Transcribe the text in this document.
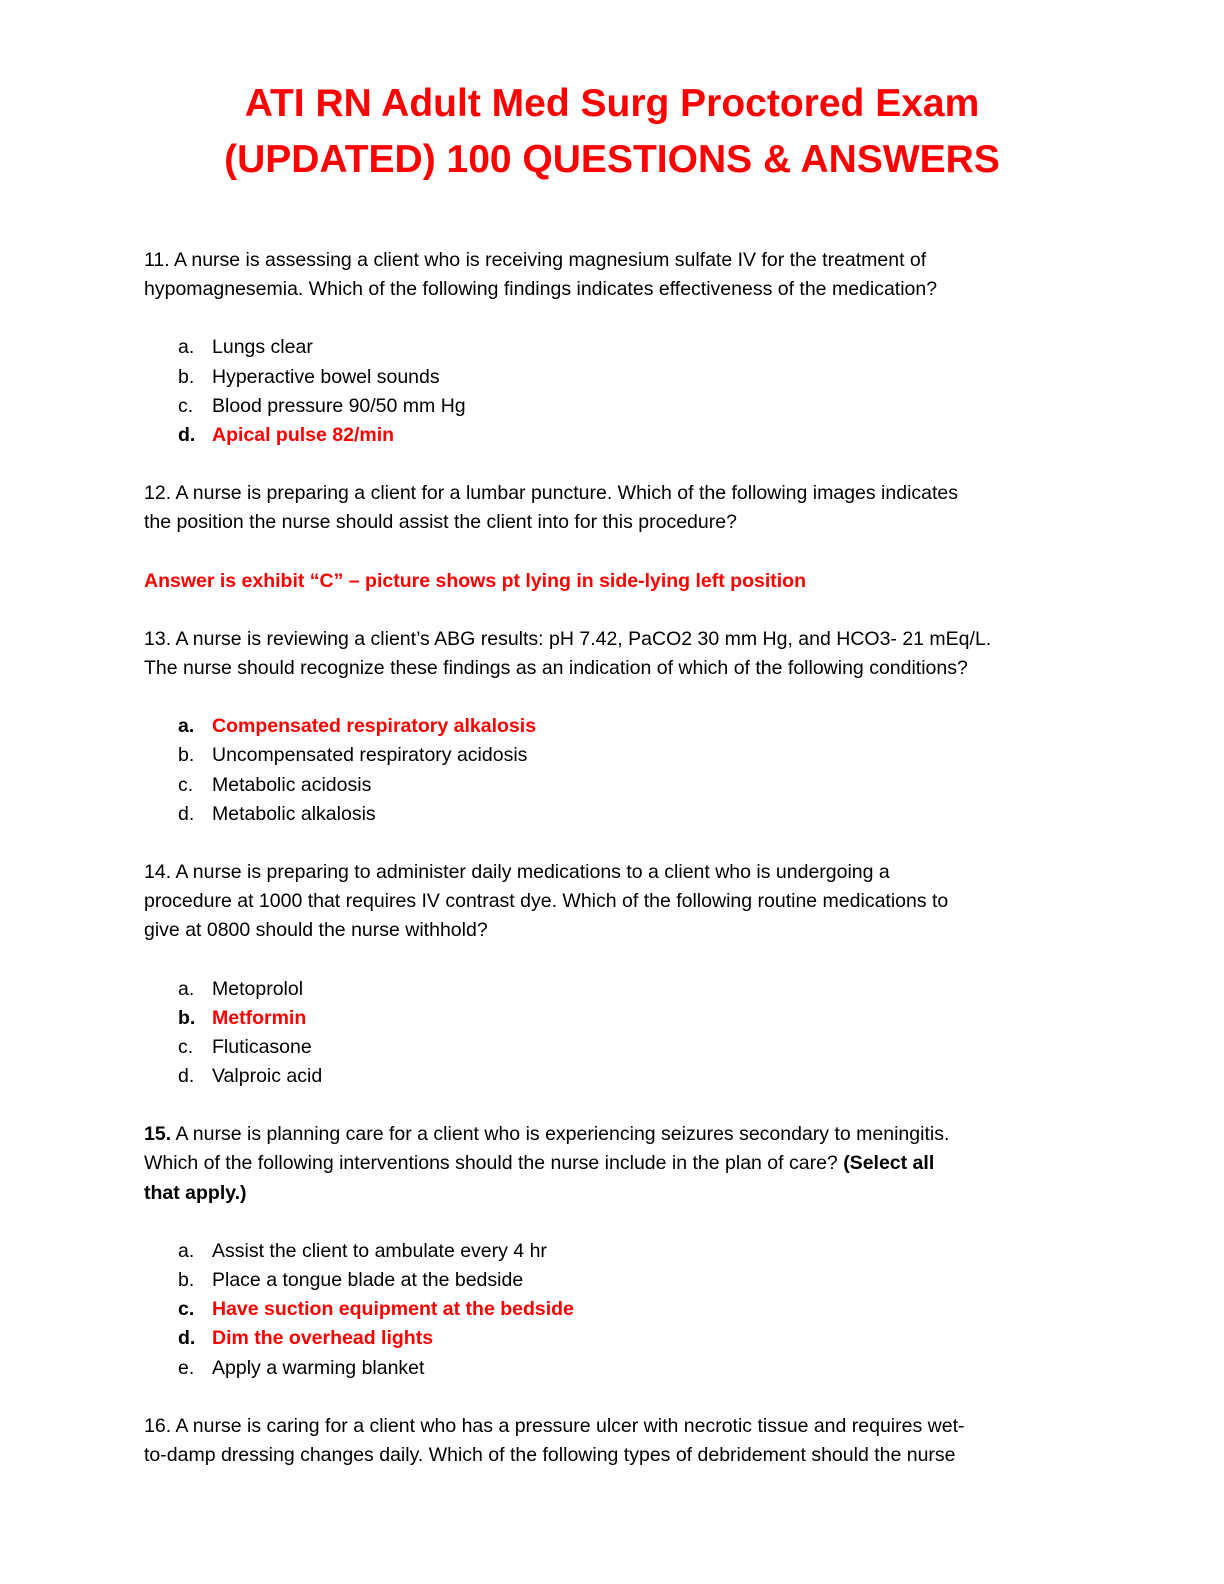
ATI RN Adult Med Surg Proctored Exam
(UPDATED) 100 QUESTIONS & ANSWERS
11. A nurse is assessing a client who is receiving magnesium sulfate IV for the treatment of
hypomagnesemia. Which of the following findings indicates effectiveness of the medication?
a. Lungs clear
b. Hyperactive bowel sounds
c. Blood pressure 90/50 mm Hg
d. Apical pulse 82/min
12. A nurse is preparing a client for a lumbar puncture. Which of the following images indicates
the position the nurse should assist the client into for this procedure?
Answer is exhibit “C” – picture shows pt lying in side-lying left position
13. A nurse is reviewing a client’s ABG results: pH 7.42, PaCO2 30 mm Hg, and HCO3- 21 mEq/L.
The nurse should recognize these findings as an indication of which of the following conditions?
a. Compensated respiratory alkalosis
b. Uncompensated respiratory acidosis
c. Metabolic acidosis
d. Metabolic alkalosis
14. A nurse is preparing to administer daily medications to a client who is undergoing a
procedure at 1000 that requires IV contrast dye. Which of the following routine medications to
give at 0800 should the nurse withhold?
a. Metoprolol
b. Metformin
c. Fluticasone
d. Valproic acid
15. A nurse is planning care for a client who is experiencing seizures secondary to meningitis.
Which of the following interventions should the nurse include in the plan of care? (Select all
that apply.)
a. Assist the client to ambulate every 4 hr
b. Place a tongue blade at the bedside
c. Have suction equipment at the bedside
d. Dim the overhead lights
e. Apply a warming blanket
16. A nurse is caring for a client who has a pressure ulcer with necrotic tissue and requires wet-
to-damp dressing changes daily. Which of the following types of debridement should the nurse
